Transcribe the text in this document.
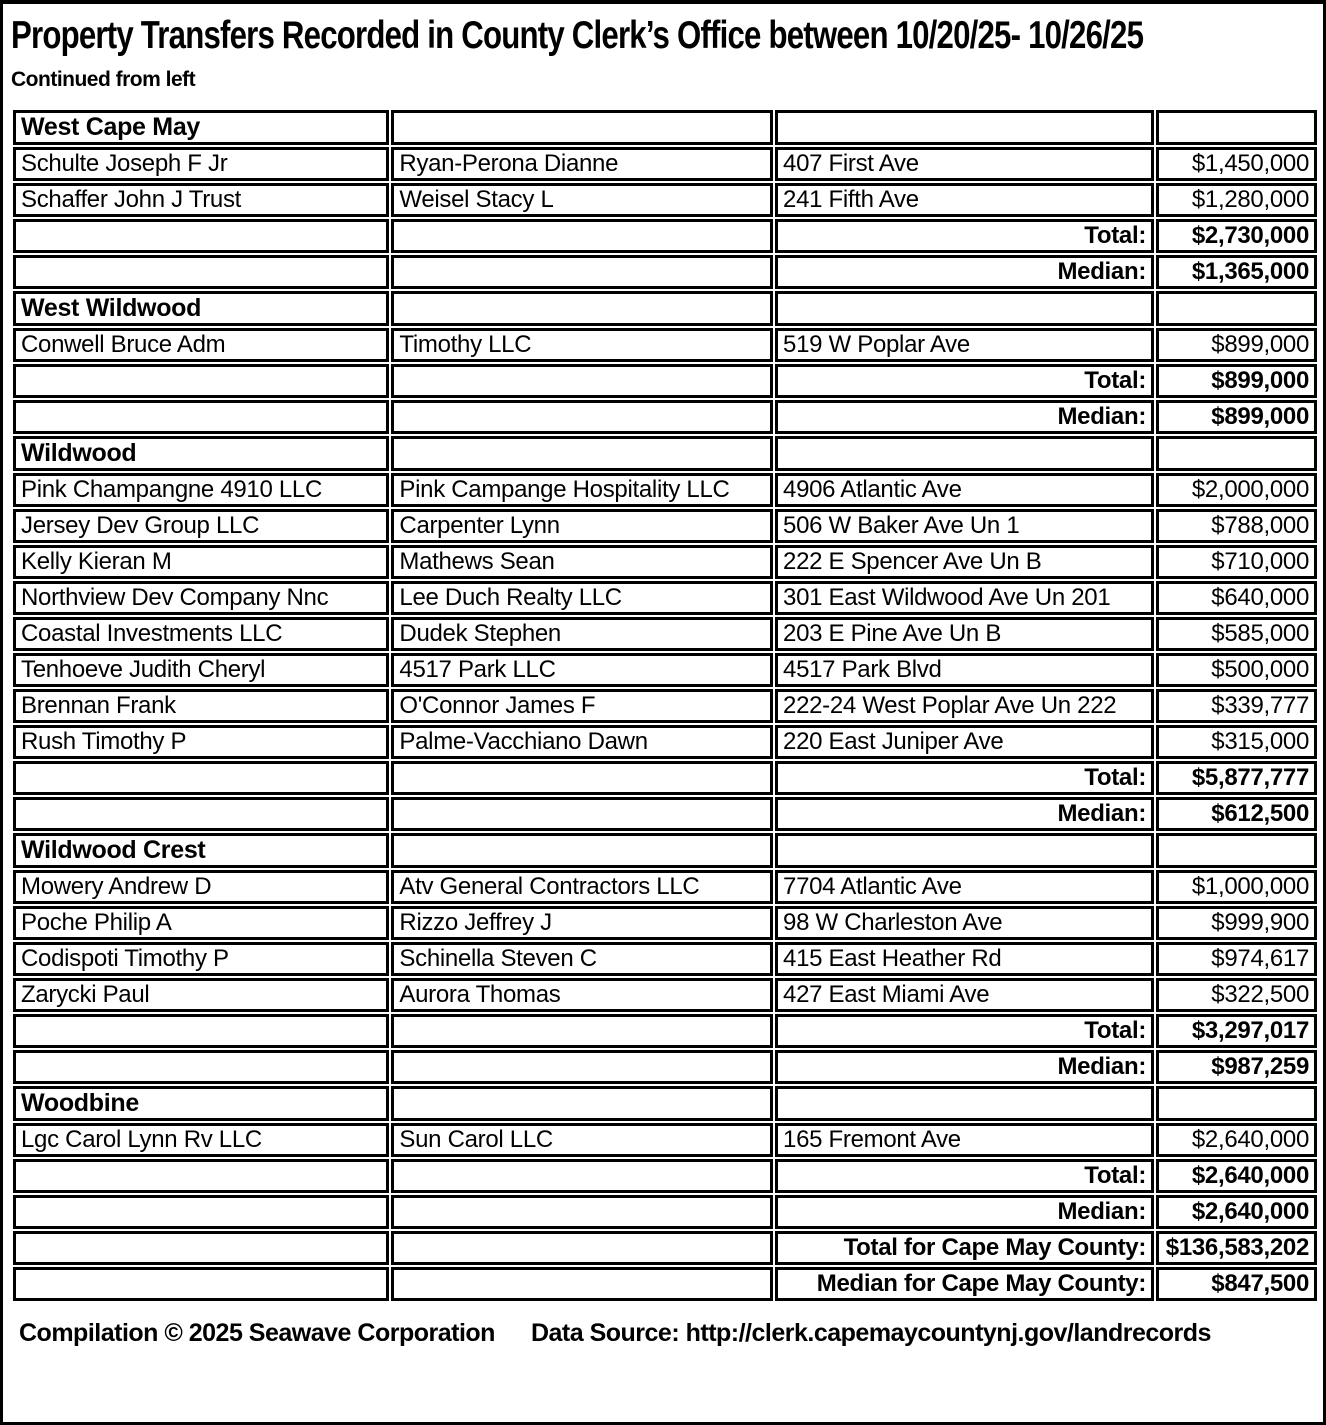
Property Transfers Recorded in County Clerk’s Office between 10/20/25- 10/26/25
Continued from left
West Cape May			
Schulte Joseph F Jr	Ryan-Perona Dianne	407 First Ave	$1,450,000
Schaffer John J Trust	Weisel Stacy L	241 Fifth Ave	$1,280,000
		Total:	$2,730,000
		Median:	$1,365,000
West Wildwood			
Conwell Bruce Adm	Timothy LLC	519 W Poplar Ave	$899,000
		Total:	$899,000
		Median:	$899,000
Wildwood			
Pink Champangne 4910 LLC	Pink Campange Hospitality LLC	4906 Atlantic Ave	$2,000,000
Jersey Dev Group LLC	Carpenter Lynn	506 W Baker Ave Un 1	$788,000
Kelly Kieran M	Mathews Sean	222 E Spencer Ave Un B	$710,000
Northview Dev Company Nnc	Lee Duch Realty LLC	301 East Wildwood Ave Un 201	$640,000
Coastal Investments LLC	Dudek Stephen	203 E Pine Ave Un B	$585,000
Tenhoeve Judith Cheryl	4517 Park LLC	4517 Park Blvd	$500,000
Brennan Frank	O'Connor James F	222-24 West Poplar Ave Un 222	$339,777
Rush Timothy P	Palme-Vacchiano Dawn	220 East Juniper Ave	$315,000
		Total:	$5,877,777
		Median:	$612,500
Wildwood Crest			
Mowery Andrew D	Atv General Contractors LLC	7704 Atlantic Ave	$1,000,000
Poche Philip A	Rizzo Jeffrey J	98 W Charleston Ave	$999,900
Codispoti Timothy P	Schinella Steven C	415 East Heather Rd	$974,617
Zarycki Paul	Aurora Thomas	427 East Miami Ave	$322,500
		Total:	$3,297,017
		Median:	$987,259
Woodbine			
Lgc Carol Lynn Rv LLC	Sun Carol LLC	165 Fremont Ave	$2,640,000
		Total:	$2,640,000
		Median:	$2,640,000
		Total for Cape May County:	$136,583,202
		Median for Cape May County:	$847,500
Compilation © 2025 Seawave Corporation Data Source: http://clerk.capemaycountynj.gov/landrecords
